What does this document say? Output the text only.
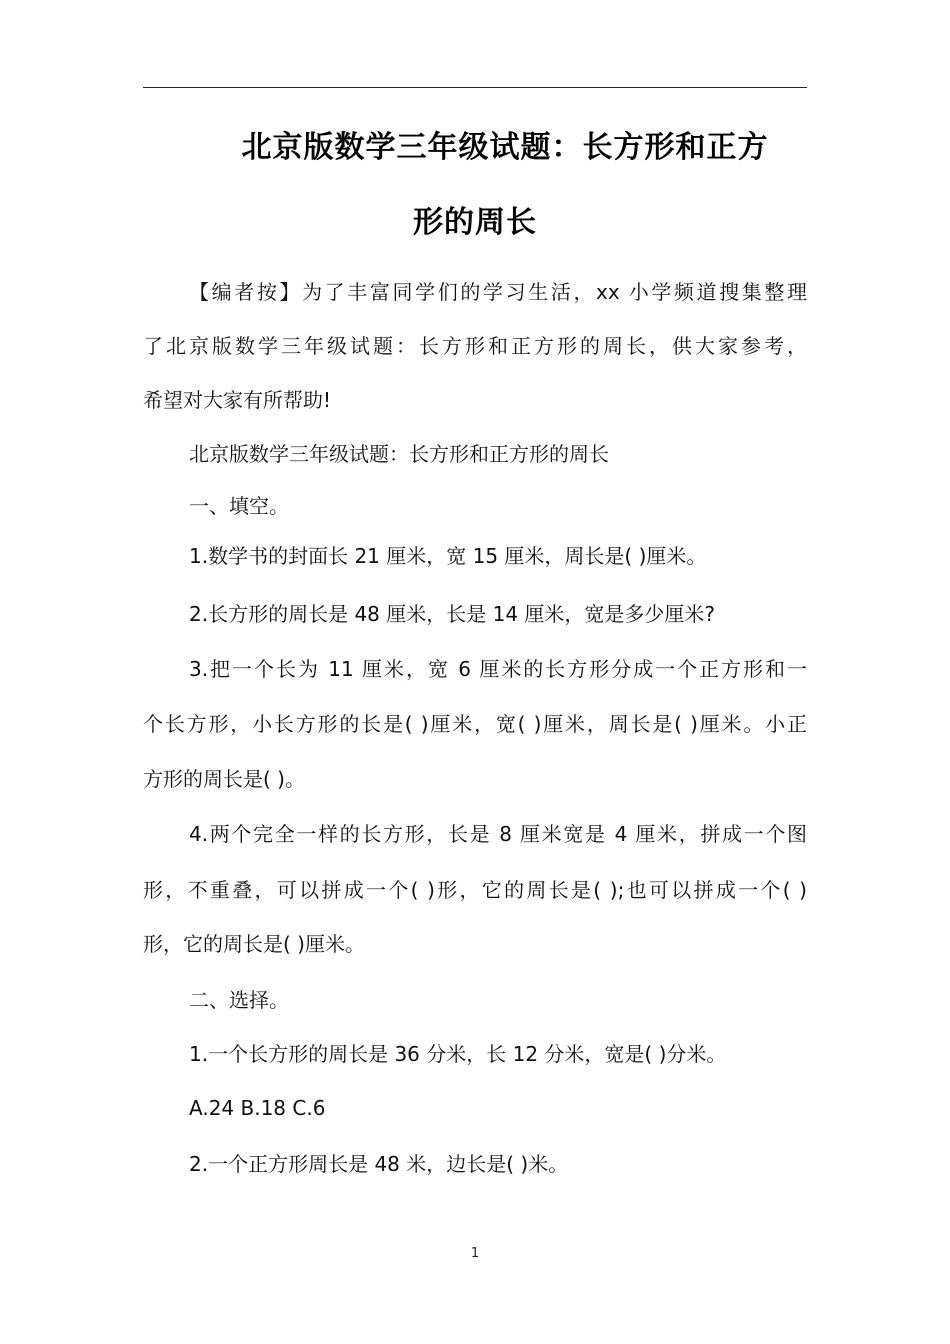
北京版数学三年级试题：长方形和正方
形的周长
【编者按】为了丰富同学们的学习生活，xx 小学频道搜集整理
了北京版数学三年级试题：长方形和正方形的周长，供大家参考，
希望对大家有所帮助!
北京版数学三年级试题：长方形和正方形的周长
一、填空。
1.数学书的封面长 21 厘米，宽 15 厘米，周长是( )厘米。
2.长方形的周长是 48 厘米，长是 14 厘米，宽是多少厘米?
3.把一个长为 11 厘米，宽 6 厘米的长方形分成一个正方形和一
个长方形，小长方形的长是( )厘米，宽( )厘米，周长是( )厘米。小正
方形的周长是( )。
4.两个完全一样的长方形，长是 8 厘米宽是 4 厘米，拼成一个图
形，不重叠，可以拼成一个( )形，它的周长是( );也可以拼成一个( )
形，它的周长是( )厘米。
二、选择。
1.一个长方形的周长是 36 分米，长 12 分米，宽是( )分米。
A.24 B.18 C.6
2.一个正方形周长是 48 米，边长是( )米。
1
